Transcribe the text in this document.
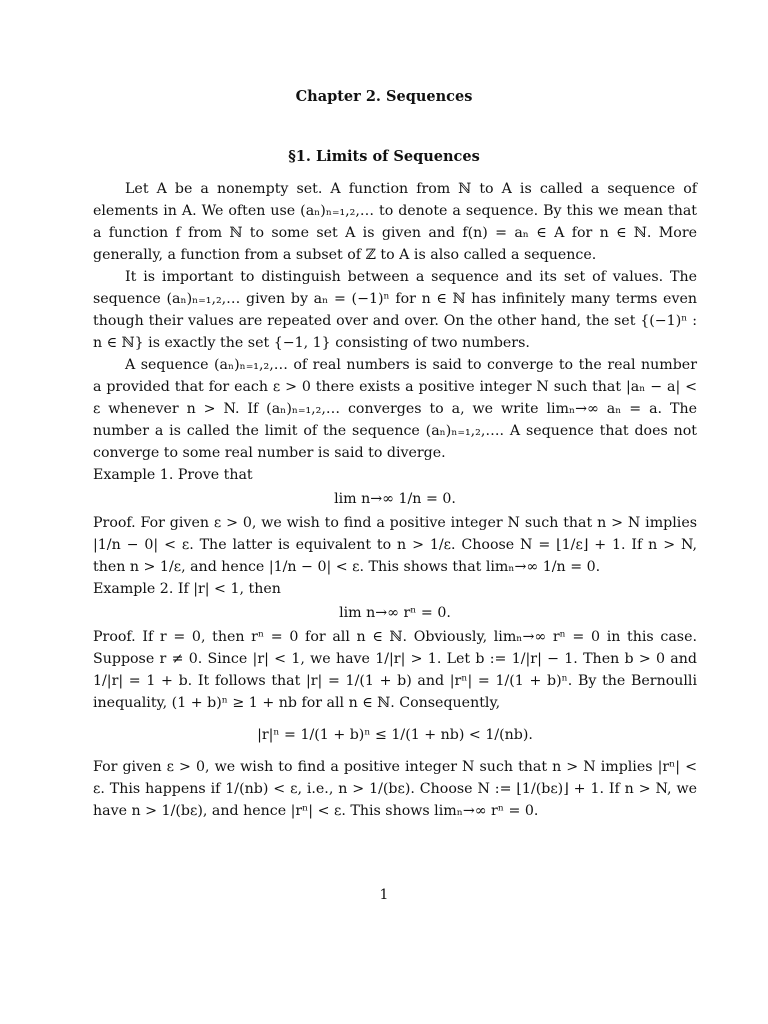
Chapter 2. Sequences
§1. Limits of Sequences

Let A be a nonempty set. A function from ℕ to A is called a sequence of elements in A. We often use (aₙ)ₙ₌₁,₂,… to denote a sequence. By this we mean that a function f from ℕ to some set A is given and f(n) = aₙ ∈ A for n ∈ ℕ. More generally, a function from a subset of ℤ to A is also called a sequence.

It is important to distinguish between a sequence and its set of values. The sequence (aₙ)ₙ₌₁,₂,… given by aₙ = (−1)ⁿ for n ∈ ℕ has infinitely many terms even though their values are repeated over and over. On the other hand, the set {(−1)ⁿ : n ∈ ℕ} is exactly the set {−1, 1} consisting of two numbers.

A sequence (aₙ)ₙ₌₁,₂,… of real numbers is said to converge to the real number a provided that for each ε > 0 there exists a positive integer N such that |aₙ − a| < ε whenever n > N. If (aₙ)ₙ₌₁,₂,… converges to a, we write limₙ→∞ aₙ = a. The number a is called the limit of the sequence (aₙ)ₙ₌₁,₂,…. A sequence that does not converge to some real number is said to diverge.

Example 1. Prove that

lim n→∞ 1/n = 0.

Proof. For given ε > 0, we wish to find a positive integer N such that n > N implies |1/n − 0| < ε. The latter is equivalent to n > 1/ε. Choose N = ⌊1/ε⌋ + 1. If n > N, then n > 1/ε, and hence |1/n − 0| < ε. This shows that limₙ→∞ 1/n = 0.

Example 2. If |r| < 1, then

lim n→∞ rⁿ = 0.

Proof. If r = 0, then rⁿ = 0 for all n ∈ ℕ. Obviously, limₙ→∞ rⁿ = 0 in this case. Suppose r ≠ 0. Since |r| < 1, we have 1/|r| > 1. Let b := 1/|r| − 1. Then b > 0 and 1/|r| = 1 + b. It follows that |r| = 1/(1 + b) and |rⁿ| = 1/(1 + b)ⁿ. By the Bernoulli inequality, (1 + b)ⁿ ≥ 1 + nb for all n ∈ ℕ. Consequently,

|r|ⁿ = 1/(1 + b)ⁿ ≤ 1/(1 + nb) < 1/(nb).

For given ε > 0, we wish to find a positive integer N such that n > N implies |rⁿ| < ε. This happens if 1/(nb) < ε, i.e., n > 1/(bε). Choose N := ⌊1/(bε)⌋ + 1. If n > N, we have n > 1/(bε), and hence |rⁿ| < ε. This shows limₙ→∞ rⁿ = 0.

1
